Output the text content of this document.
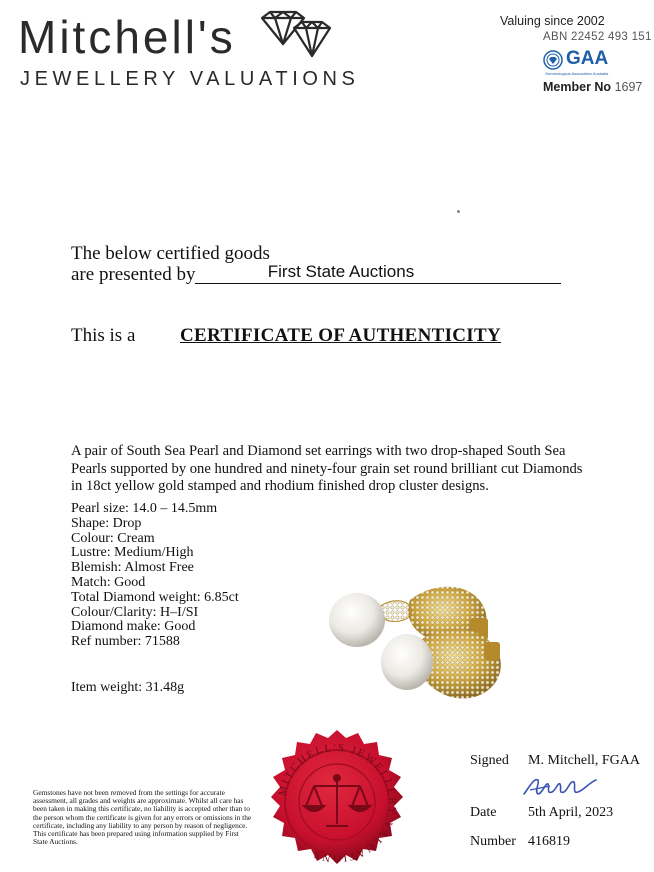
Mitchell's
JEWELLERY VALUATIONS
Valuing since 2002
ABN 22452 493 151
GAA
Gemmological Association Australia
Member No 1697
The below certified goods
are presented by	First State Auctions
This is a CERTIFICATE OF AUTHENTICITY
A pair of South Sea Pearl and Diamond set earrings with two drop-shaped South Sea Pearls supported by one hundred and ninety-four grain set round brilliant cut Diamonds in 18ct yellow gold stamped and rhodium finished drop cluster designs.
Pearl size: 14.0 – 14.5mm
Shape: Drop
Colour: Cream
Lustre: Medium/High
Blemish: Almost Free
Match: Good
Total Diamond weight: 6.85ct
Colour/Clarity: H–I/SI
Diamond make: Good
Ref number: 71588
Item weight: 31.48g
MITCHELL'S JEWELLERY VALUATIONS
Gemstones have not been removed from the settings for accurate assessment, all grades and weights are approximate. Whilst all care has been taken in making this certificate, no liability is accepted other than to the person whom the certificate is given for any errors or omissions in the certificate, including any liability to any person by reason of negligence. This certificate has been prepared using information supplied by First State Auctions.
Signed M. Mitchell, FGAA
Date 5th April, 2023
Number 416819
